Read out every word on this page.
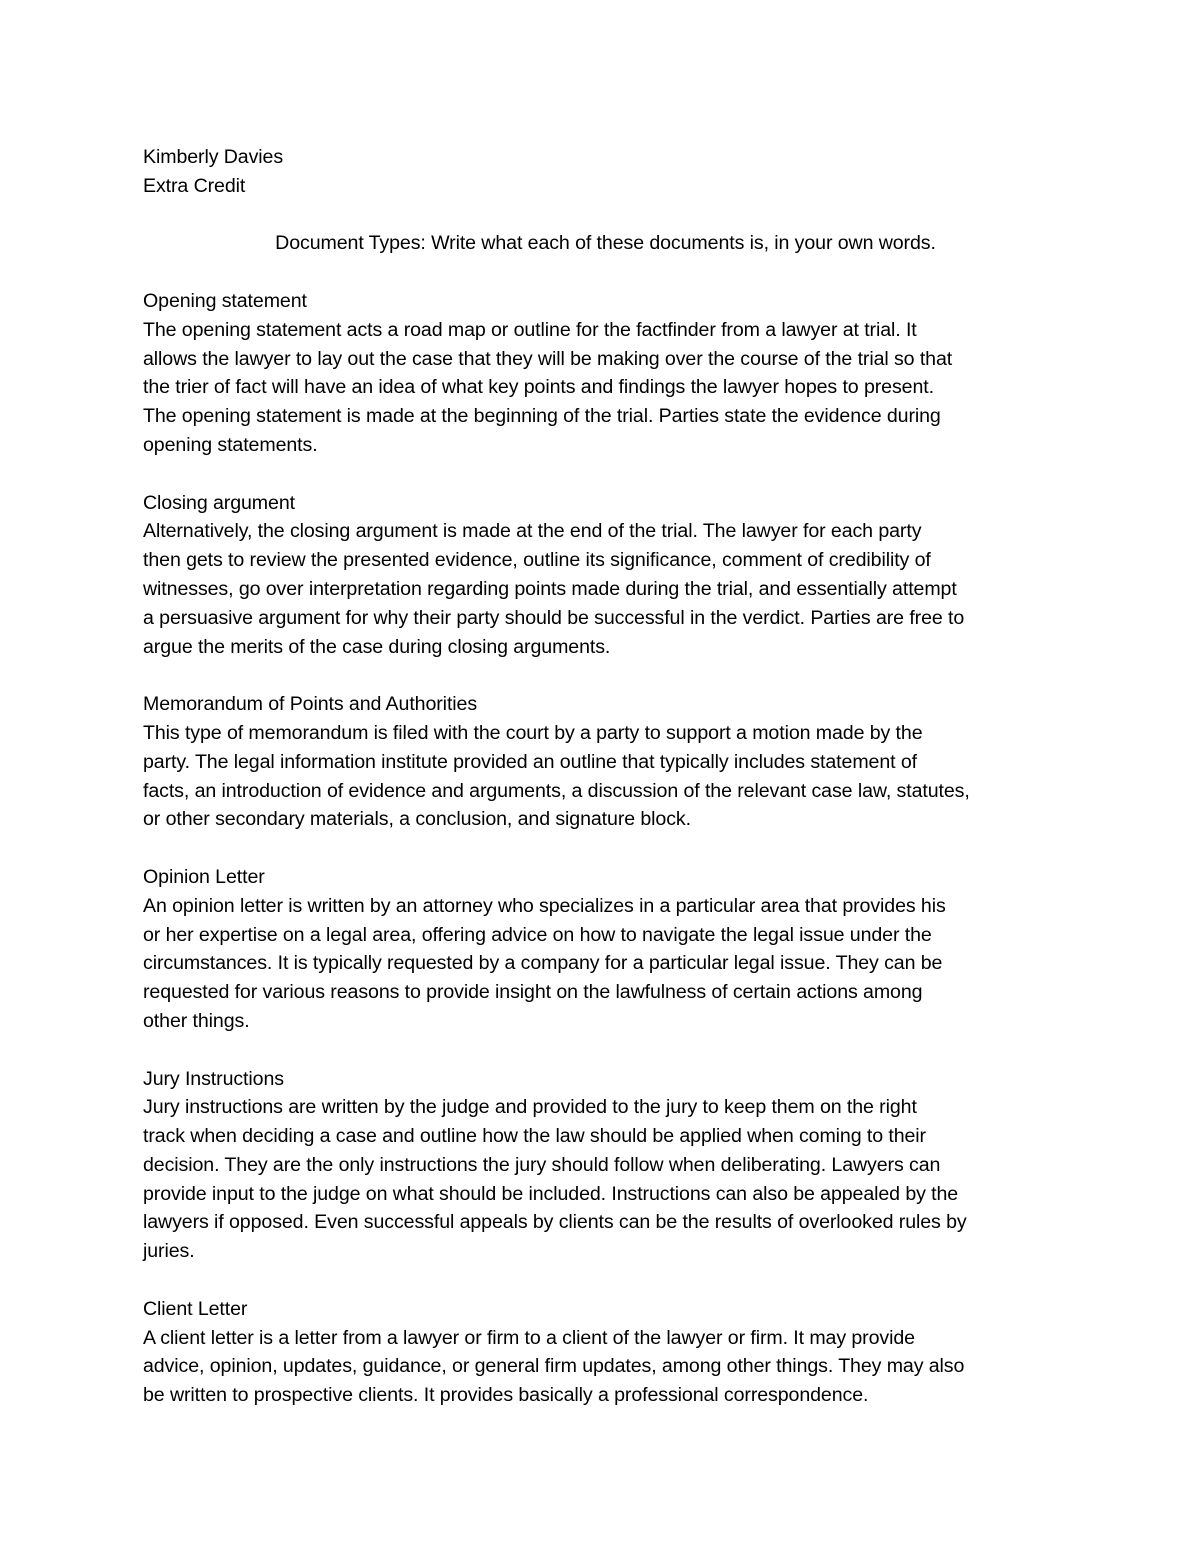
Kimberly Davies
Extra Credit
Document Types: Write what each of these documents is, in your own words.
Opening statement
The opening statement acts a road map or outline for the factfinder from a lawyer at trial. It
allows the lawyer to lay out the case that they will be making over the course of the trial so that
the trier of fact will have an idea of what key points and findings the lawyer hopes to present.
The opening statement is made at the beginning of the trial. Parties state the evidence during
opening statements.
Closing argument
Alternatively, the closing argument is made at the end of the trial. The lawyer for each party
then gets to review the presented evidence, outline its significance, comment of credibility of
witnesses, go over interpretation regarding points made during the trial, and essentially attempt
a persuasive argument for why their party should be successful in the verdict. Parties are free to
argue the merits of the case during closing arguments.
Memorandum of Points and Authorities
This type of memorandum is filed with the court by a party to support a motion made by the
party. The legal information institute provided an outline that typically includes statement of
facts, an introduction of evidence and arguments, a discussion of the relevant case law, statutes,
or other secondary materials, a conclusion, and signature block.
Opinion Letter
An opinion letter is written by an attorney who specializes in a particular area that provides his
or her expertise on a legal area, offering advice on how to navigate the legal issue under the
circumstances. It is typically requested by a company for a particular legal issue. They can be
requested for various reasons to provide insight on the lawfulness of certain actions among
other things.
Jury Instructions
Jury instructions are written by the judge and provided to the jury to keep them on the right
track when deciding a case and outline how the law should be applied when coming to their
decision. They are the only instructions the jury should follow when deliberating. Lawyers can
provide input to the judge on what should be included. Instructions can also be appealed by the
lawyers if opposed. Even successful appeals by clients can be the results of overlooked rules by
juries.
Client Letter
A client letter is a letter from a lawyer or firm to a client of the lawyer or firm. It may provide
advice, opinion, updates, guidance, or general firm updates, among other things. They may also
be written to prospective clients. It provides basically a professional correspondence.
